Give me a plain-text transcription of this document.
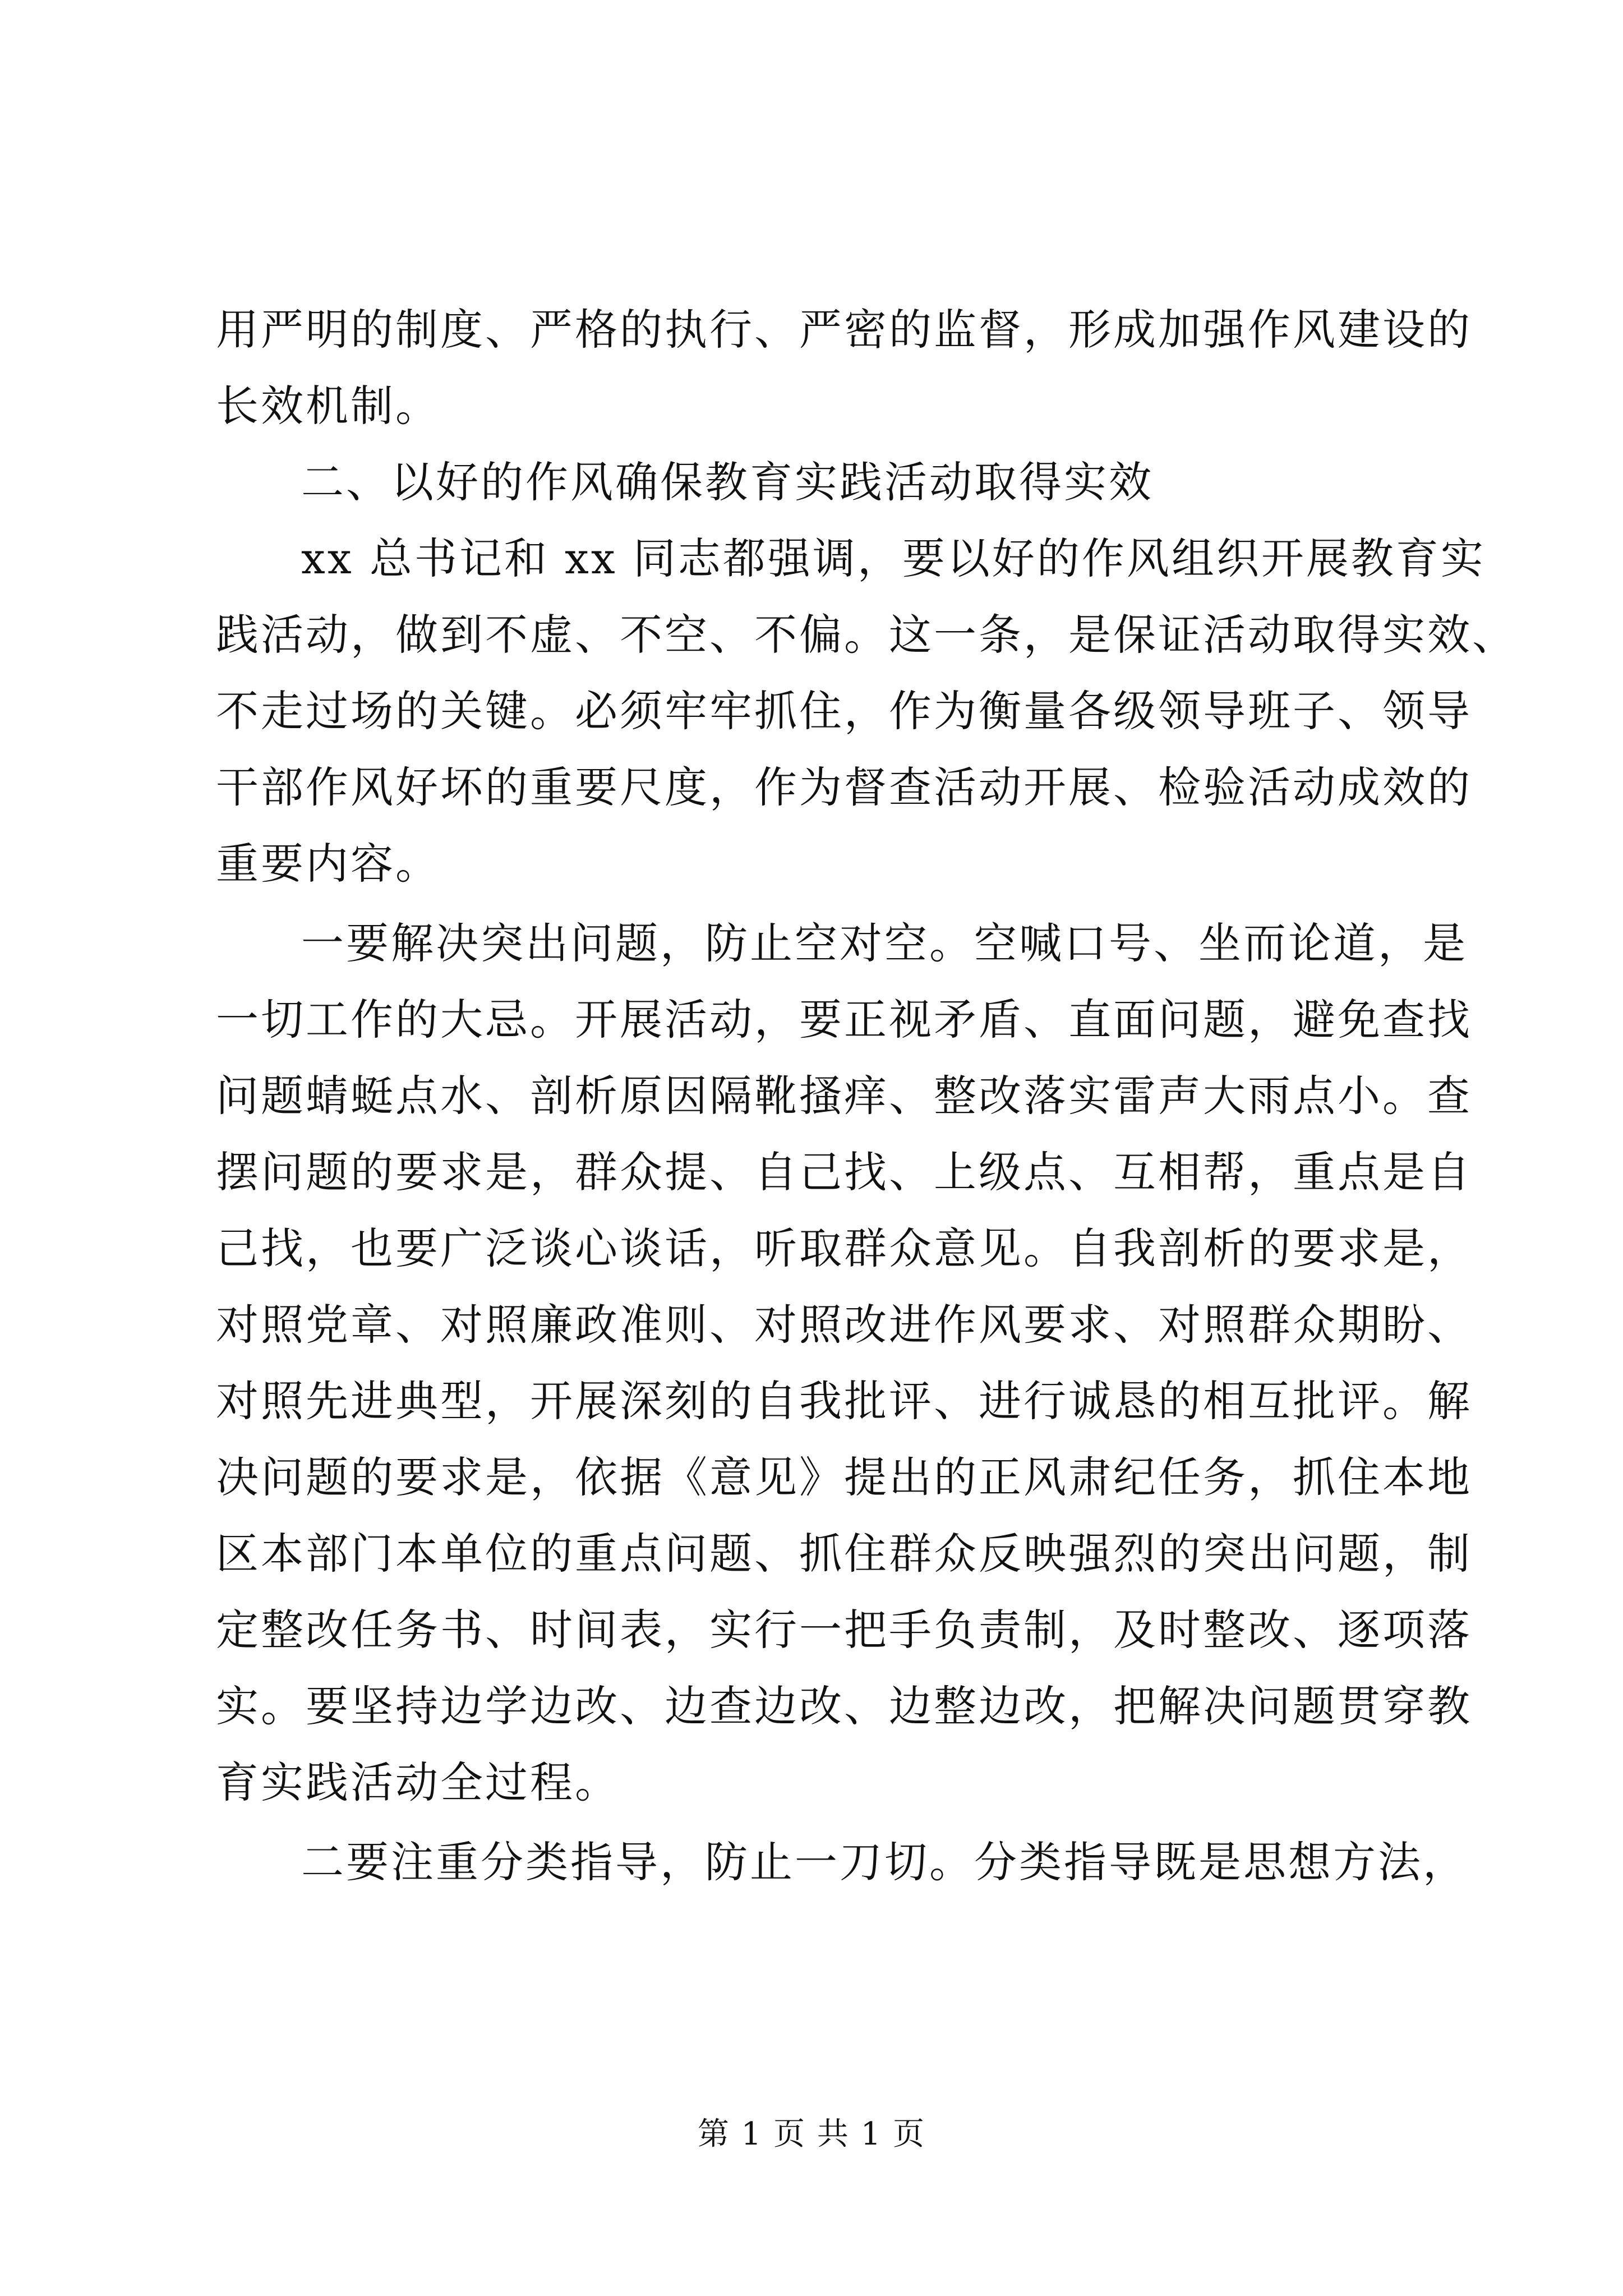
用严明的制度、严格的执行、严密的监督，形成加强作风建设的
长效机制。
二、以好的作风确保教育实践活动取得实效
xx 总书记和 xx 同志都强调，要以好的作风组织开展教育实
践活动，做到不虚、不空、不偏。这一条，是保证活动取得实效、
不走过场的关键。必须牢牢抓住，作为衡量各级领导班子、领导
干部作风好坏的重要尺度，作为督查活动开展、检验活动成效的
重要内容。
一要解决突出问题，防止空对空。空喊口号、坐而论道，是
一切工作的大忌。开展活动，要正视矛盾、直面问题，避免查找
问题蜻蜓点水、剖析原因隔靴搔痒、整改落实雷声大雨点小。查
摆问题的要求是，群众提、自己找、上级点、互相帮，重点是自
己找，也要广泛谈心谈话，听取群众意见。自我剖析的要求是，
对照党章、对照廉政准则、对照改进作风要求、对照群众期盼、
对照先进典型，开展深刻的自我批评、进行诚恳的相互批评。解
决问题的要求是，依据《意见》提出的正风肃纪任务，抓住本地
区本部门本单位的重点问题、抓住群众反映强烈的突出问题，制
定整改任务书、时间表，实行一把手负责制，及时整改、逐项落
实。要坚持边学边改、边查边改、边整边改，把解决问题贯穿教
育实践活动全过程。
二要注重分类指导，防止一刀切。分类指导既是思想方法，
第 1 页 共 1 页
